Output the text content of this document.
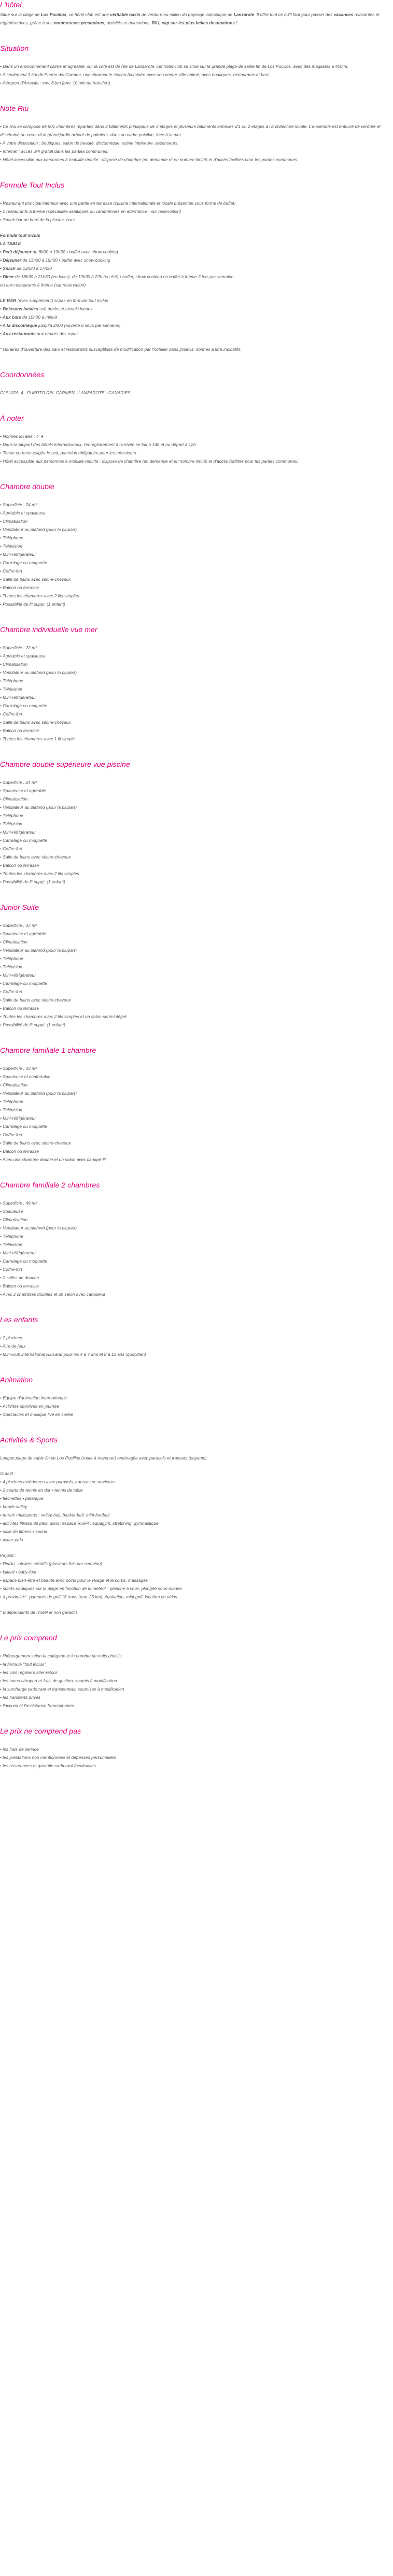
L'hôtel

Situé sur la plage de Los Pocillos, ce hôtel-club est une véritable oasis de verdure au milieu du paysage volcanique de Lanzarote. Il offre tout ce qu'il faut pour passer des vacances relaxantes et régénératrices, grâce à ses nombreuses prestations, activités et animations. RIU, cap sur les plus belles destinations !

Situation
• Dans un environnement calme et agréable, sur la côte est de l'île de Lanzarote, cet hôtel-club se situe sur la grande plage de sable fin de Los Pocillos, avec des magasins à 400 m.
• A seulement 3 km de Puerto del Carmen, une charmante station balnéaire avec son centre-ville animé, avec boutiques, restaurants et bars.
• Aéroport d'Arrecife : env. 8 km (env. 10 min de transfert).
Note Riu
• Ce Riu se compose de 501 chambres réparties dans 2 bâtiments principaux de 3 étages et plusieurs bâtiments annexes d'1 ou 2 étages à l'architecture locale. L'ensemble est entouré de verdure et disséminé au cœur d'un grand jardin arboré de palmiers, dans un cadre paisible, face à la mer.
• A votre disposition : boutiques, salon de beauté, discothèque, scène intérieure, ascenseurs.
• Internet : accès wifi gratuit dans les parties communes.
• Hôtel accessible aux personnes à mobilité réduite : dispose de chambre (en demande et en nombre limité) et d'accès facilités pour les parties communes.
Formule Tout Inclus
• Restaurant principal intérieur avec une partie en terrasse (cuisine internationale et locale présentée sous forme de buffet)
• 2 restaurants à thème (spécialités asiatiques ou canariennes en alternance - sur réservation)
• Snack-bar au bord de la piscine, bars

Formule tout inclus

LA TABLE

• Petit déjeuner de 8h00 à 10h30 • buffet avec show cooking
• Déjeuner de 13h00 à 15h00 • buffet avec show cooking
• Snack de 12h30 à 17h30
• Dîner de 18h30 à 21h30 (en hiver), de 19h30 à 22h (en été) • buffet, show cooking ou buffet à thème 2 fois par semaine

ou aux restaurants à thème (sur réservation)

LE BAR (avec supplément) si pas en formule tout inclus

• Boissons locales soft drinks et alcools locaux
• Aux bars de 10h00 à minuit
• A la discothèque jusqu'à 2h00 (ouverte 6 soirs par semaine)
• Aux restaurants aux heures des repas

* Horaires d'ouverture des bars et restaurants susceptibles de modification par l'hôtelier sans préavis, donnés à titre indicatifs.

Coordonnées

C/ SUIZA, 4 - PUERTO DEL CARMEN - LANZAROTE - CANARIES

À noter
• Normes locales : 4 ★
• Dans la plupart des hôtels internationaux, l'enregistrement à l'arrivée se fait à 14h et au départ à 12h.
• Tenue correcte exigée le soir, pantalon obligatoire pour les messieurs.
• Hôtel accessible aux personnes à mobilité réduite : dispose de chambre (en demande et en nombre limité) et d'accès facilités pour les parties communes.
Chambre double
• Superficie : 24 m²
• Agréable et spacieuse
• Climatisation
• Ventilateur au plafond (pour la plupart)
• Téléphone
• Télévision
• Mini-réfrigérateur
• Carrelage ou moquette
• Coffre-fort
• Salle de bains avec sèche-cheveux
• Balcon ou terrasse
• Toutes les chambres avec 2 lits simples
• Possibilité de lit suppl. (1 enfant)
Chambre individuelle vue mer
• Superficie : 22 m²
• Agréable et spacieuse
• Climatisation
• Ventilateur au plafond (pour la plupart)
• Téléphone
• Télévision
• Mini-réfrigérateur
• Carrelage ou moquette
• Coffre-fort
• Salle de bains avec sèche-cheveux
• Balcon ou terrasse
• Toutes les chambres avec 1 lit simple
Chambre double supérieure vue piscine
• Superficie : 24 m²
• Spacieuse et agréable
• Climatisation
• Ventilateur au plafond (pour la plupart)
• Téléphone
• Télévision
• Mini-réfrigérateur
• Carrelage ou moquette
• Coffre-fort
• Salle de bains avec sèche-cheveux
• Balcon ou terrasse
• Toutes les chambres avec 2 lits simples
• Possibilité de lit suppl. (1 enfant)
Junior Suite
• Superficie : 37 m²
• Spacieuse et agréable
• Climatisation
• Ventilateur au plafond (pour la plupart)
• Téléphone
• Télévision
• Mini-réfrigérateur
• Carrelage ou moquette
• Coffre-fort
• Salle de bains avec sèche-cheveux
• Balcon ou terrasse
• Toutes les chambres avec 2 lits simples et un salon semi-intégré
• Possibilité de lit suppl. (1 enfant)
Chambre familiale 1 chambre
• Superficie : 33 m²
• Spacieuse et confortable
• Climatisation
• Ventilateur au plafond (pour la plupart)
• Téléphone
• Télévision
• Mini-réfrigérateur
• Carrelage ou moquette
• Coffre-fort
• Salle de bains avec sèche-cheveux
• Balcon ou terrasse
• Avec une chambre double et un salon avec canapé-lit
Chambre familiale 2 chambres
• Superficie : 49 m²
• Spacieuse
• Climatisation
• Ventilateur au plafond (pour la plupart)
• Téléphone
• Télévision
• Mini-réfrigérateur
• Carrelage ou moquette
• Coffre-fort
• 2 salles de douche
• Balcon ou terrasse
• Avec 2 chambres doubles et un salon avec canapé-lit
Les enfants
• 2 piscines
• Aire de jeux
• Mini-club international RiuLand pour les 4 à 7 ans et 8 à 12 ans (quotidien)
Animation
• Equipe d'animation internationale
• Activités sportives en journée
• Spectacles et musique live en soirée
Activités & Sports

Longue plage de sable fin de Los Pocillos (route à traverser) aménagée avec parasols et transats (payants).

Gratuit :

• 4 piscines extérieures avec parasols, transats et serviettes
• 2 courts de tennis en dur • tennis de table
• fléchettes • pétanque
• beach-volley
• terrain multisports : volley-ball, basket-ball, mini-football
• activités fitness de plein dans l'espace RiuFit : aquagym, stretching, gymnastique
• salle de fitness • sauna
• water-polo

Payant :

• RiuArt : ateliers créatifs (plusieurs fois par semaine)
• billard • baby-foot
• espace bien-être et beauté avec soins pour le visage et le corps, massages
• sports nautiques sur la plage en fonction de la météo* : planche à voile, plongée sous-marine
• à proximité* : parcours de golf 18 trous (env. 25 km), équitation, mini-golf, location de vélos

* Indépendants de l'hôtel et non garantis.

Le prix comprend
• l'hébergement selon la catégorie et le nombre de nuits choisis
• la formule "tout inclus"
• les vols réguliers aller-retour
• les taxes aéroport et frais de gestion, soumis à modification
• la surcharge carburant et transporteur, soumises à modification
• les transferts privés
• l'accueil et l'assistance francophones
Le prix ne comprend pas
• les frais de service
• les prestations non mentionnées et dépenses personnelles
• les assurances et garantie carburant facultatives
